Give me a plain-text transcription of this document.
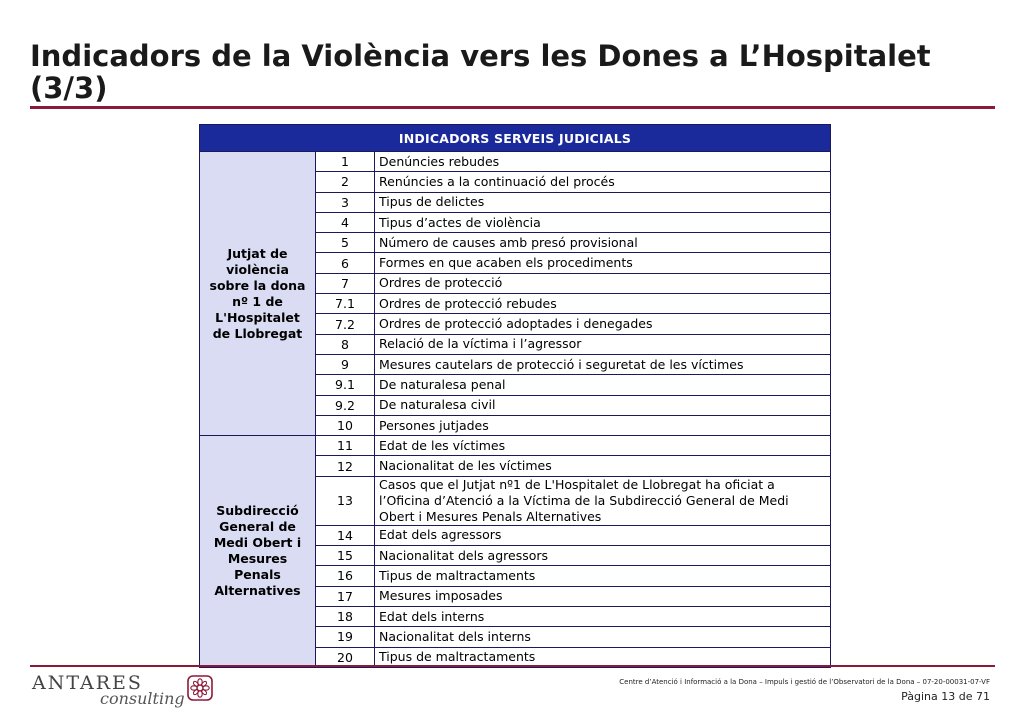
Indicadors de la Violència vers les Dones a L’Hospitalet (3/3)
INDICADORS SERVEIS JUDICIALS		
Jutjat de violència sobre la dona nº 1 de L'Hospitalet de Llobregat	1	Denúncies rebudes
	2	Renúncies a la continuació del procés
	3	Tipus de delictes
	4	Tipus d’actes de violència
	5	Número de causes amb presó provisional
	6	Formes en que acaben els procediments
	7	Ordres de protecció
	7.1	Ordres de protecció rebudes
	7.2	Ordres de protecció adoptades i denegades
	8	Relació de la víctima i l’agressor
	9	Mesures cautelars de protecció i seguretat de les víctimes
	9.1	De naturalesa penal
	9.2	De naturalesa civil
	10	Persones jutjades
Subdirecció General de Medi Obert i Mesures Penals Alternatives	11	Edat de les víctimes
	12	Nacionalitat de les víctimes
	13	Casos que el Jutjat nº1 de L'Hospitalet de Llobregat ha oficiat a l’Oficina d’Atenció a la Víctima de la Subdirecció General de Medi Obert i Mesures Penals Alternatives
	14	Edat dels agressors
	15	Nacionalitat dels agressors
	16	Tipus de maltractaments
	17	Mesures imposades
	18	Edat dels interns
	19	Nacionalitat dels interns
	20	Tipus de maltractaments
ANTARES
consulting
Centre d’Atenció i Informació a la Dona – Impuls i gestió de l’Observatori de la Dona – 07-20-00031-07-VF
Pàgina 13 de 71
